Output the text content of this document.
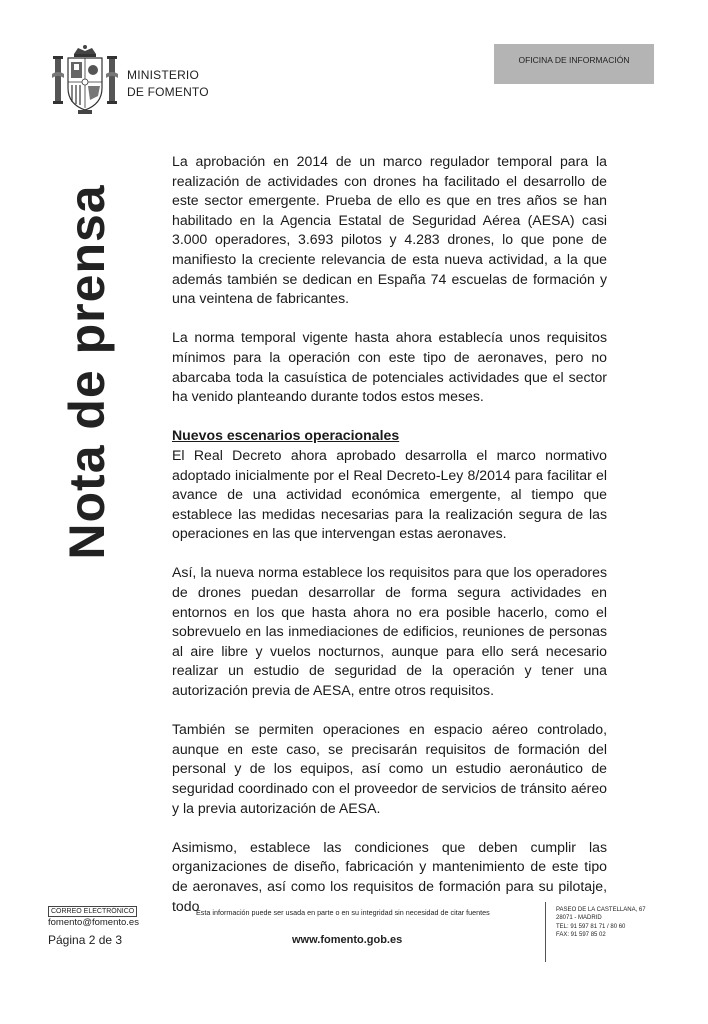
MINISTERIO
DE FOMENTO
OFICINA DE INFORMACIÓN
Nota de prensa

La aprobación en 2014 de un marco regulador temporal para la realización de actividades con drones ha facilitado el desarrollo de este sector emergente. Prueba de ello es que en tres años se han habilitado en la Agencia Estatal de Seguridad Aérea (AESA) casi 3.000 operadores, 3.693 pilotos y 4.283 drones, lo que pone de manifiesto la creciente relevancia de esta nueva actividad, a la que además también se dedican en España 74 escuelas de formación y una veintena de fabricantes.

La norma temporal vigente hasta ahora establecía unos requisitos mínimos para la operación con este tipo de aeronaves, pero no abarcaba toda la casuística de potenciales actividades que el sector ha venido planteando durante todos estos meses.

Nuevos escenarios operacionales

El Real Decreto ahora aprobado desarrolla el marco normativo adoptado inicialmente por el Real Decreto-Ley 8/2014 para facilitar el avance de una actividad económica emergente, al tiempo que establece las medidas necesarias para la realización segura de las operaciones en las que intervengan estas aeronaves.

Así, la nueva norma establece los requisitos para que los operadores de drones puedan desarrollar de forma segura actividades en entornos en los que hasta ahora no era posible hacerlo, como el sobrevuelo en las inmediaciones de edificios, reuniones de personas al aire libre y vuelos nocturnos, aunque para ello será necesario realizar un estudio de seguridad de la operación y tener una autorización previa de AESA, entre otros requisitos.

También se permiten operaciones en espacio aéreo controlado, aunque en este caso, se precisarán requisitos de formación del personal y de los equipos, así como un estudio aeronáutico de seguridad coordinado con el proveedor de servicios de tránsito aéreo y la previa autorización de AESA.

Asimismo, establece las condiciones que deben cumplir las organizaciones de diseño, fabricación y mantenimiento de este tipo de aeronaves, así como los requisitos de formación para su pilotaje, todo

CORREO ELECTRÓNICO
fomento@fomento.es
Página 2 de 3
Esta información puede ser usada en parte o en su integridad sin necesidad de citar fuentes
www.fomento.gob.es
PASEO DE LA CASTELLANA, 67
28071 - MADRID
TEL: 91 597 81 71 / 80 60
FAX: 91 597 85 02
